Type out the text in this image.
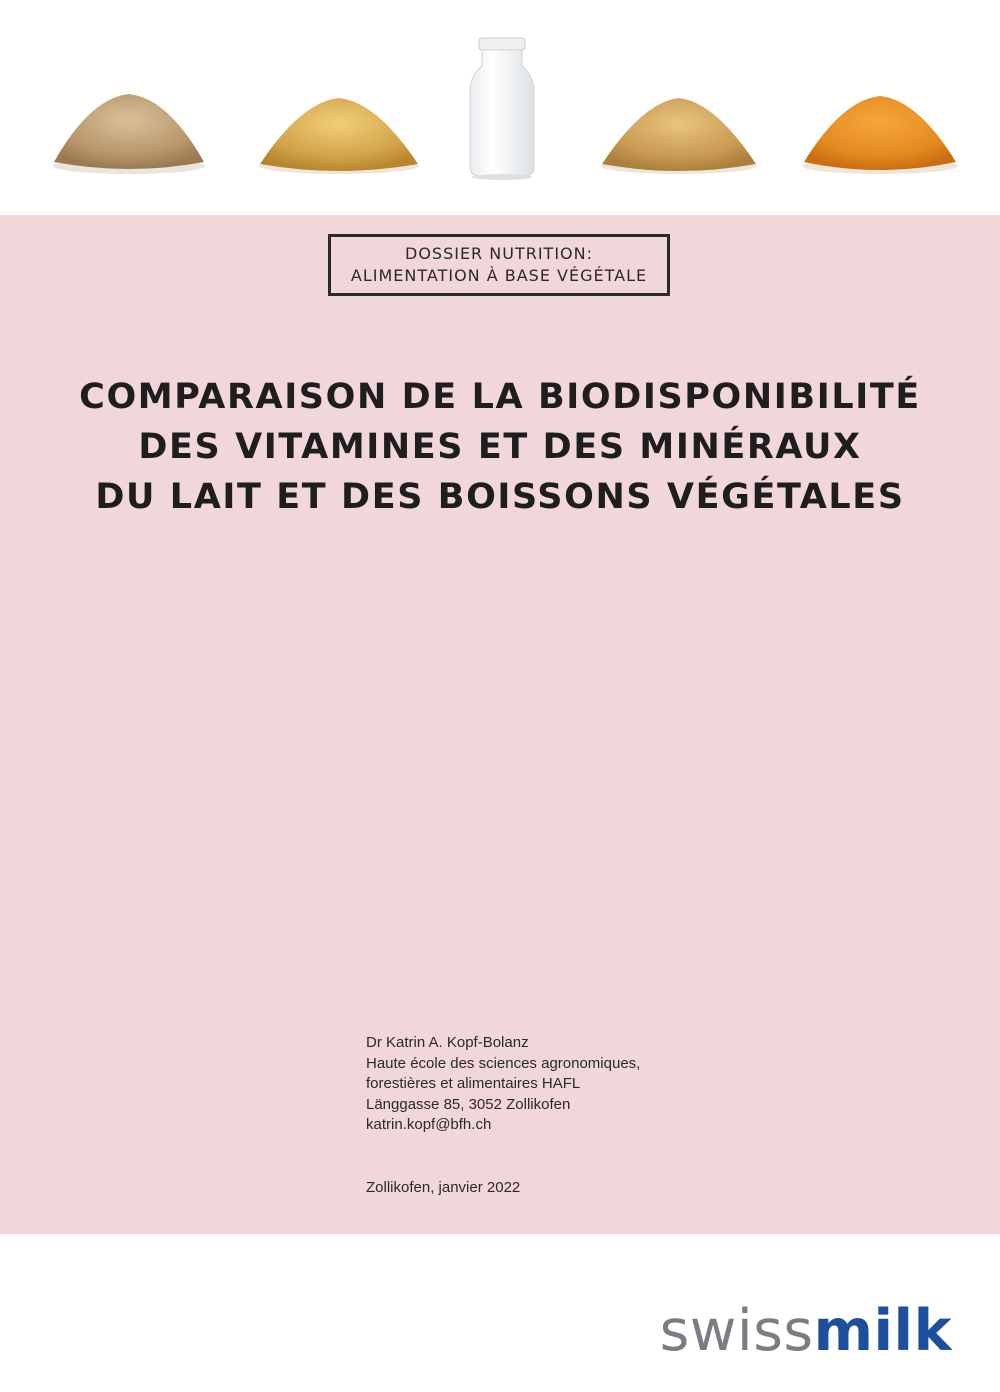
DOSSIER NUTRITION:
ALIMENTATION À BASE VÉGÉTALE
COMPARAISON DE LA BIODISPONIBILITÉ
DES VITAMINES ET DES MINÉRAUX
DU LAIT ET DES BOISSONS VÉGÉTALES
Dr Katrin A. Kopf-Bolanz
Haute école des sciences agronomiques,
forestières et alimentaires HAFL
Länggasse 85, 3052 Zollikofen
katrin.kopf@bfh.ch
Zollikofen, janvier 2022
swissmilk
